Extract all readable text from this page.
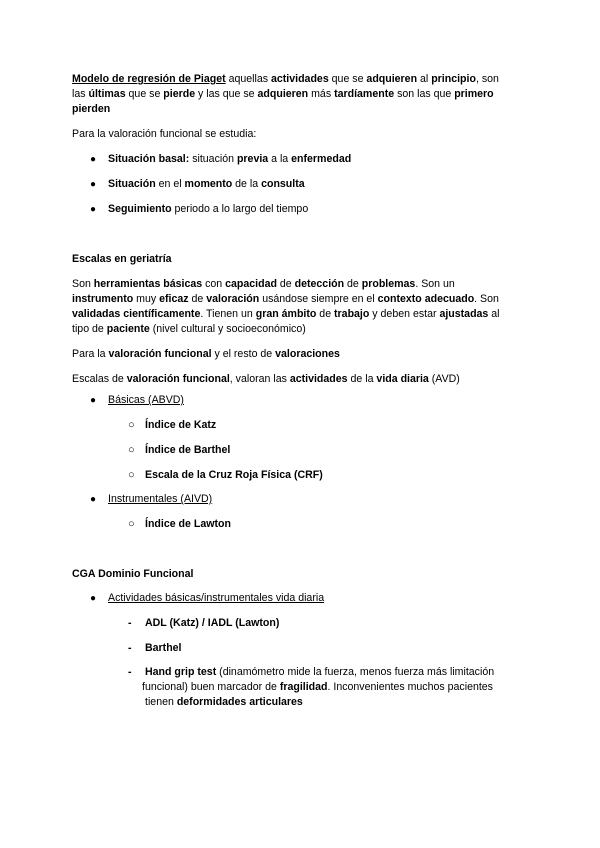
Modelo de regresión de Piaget aquellas actividades que se adquieren al principio, son
las últimas que se pierde y las que se adquieren más tardíamente son las que primero
pierden
Para la valoración funcional se estudia:
● Situación basal: situación previa a la enfermedad
● Situación en el momento de la consulta
● Seguimiento periodo a lo largo del tiempo
Escalas en geriatría
Son herramientas básicas con capacidad de detección de problemas. Son un
instrumento muy eficaz de valoración usándose siempre en el contexto adecuado. Son
validadas científicamente. Tienen un gran ámbito de trabajo y deben estar ajustadas al
tipo de paciente (nivel cultural y socioeconómico)
Para la valoración funcional y el resto de valoraciones
Escalas de valoración funcional, valoran las actividades de la vida diaria (AVD)
● Básicas (ABVD)
○ Índice de Katz
○ Índice de Barthel
○ Escala de la Cruz Roja Física (CRF)
● Instrumentales (AIVD)
○ Índice de Lawton
CGA Dominio Funcional
● Actividades básicas/instrumentales vida diaria
- ADL (Katz) / IADL (Lawton)
- Barthel
- Hand grip test (dinamómetro mide la fuerza, menos fuerza más limitación
funcional) buen marcador de fragilidad. Inconvenientes muchos pacientes
tienen deformidades articulares
